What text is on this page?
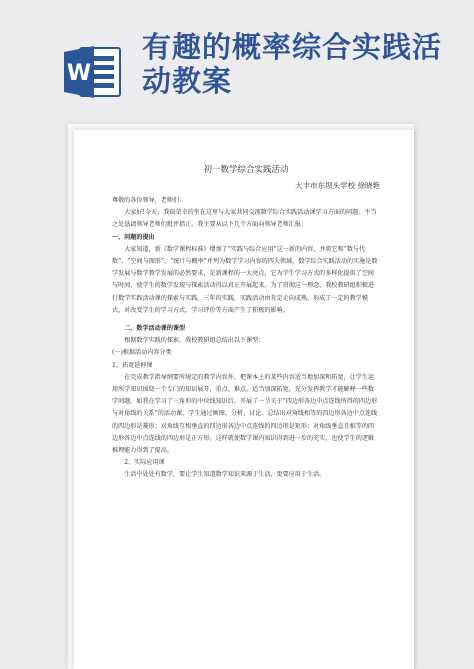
W
有趣的概率综合实践活动教案
初一数学综合实践活动
大丰市东坝头学校 徐晓艳

尊敬的各位领导，老师们：

大家好!今天，我很荣幸的坐在这里与大家共同交流数学综合实践活动课学习方面的问题。不当之处恳请领导老师们批评指正。我主要从以下几个方面向领导老师汇报：

一、问题的提出

大家知道，新《数学课程标准》增加了“实践与综合应用”这一新的内容，并将它和“数与代数”、“空间与图形”、“统计与概率”并列为数学学习内容的四大领域。数学综合实践活动的实施是数学发展与数学教学发展的必然要求，是新课程的一大亮点，它为学生学习方式的多样化提供了空间与时间，使学生的数学发现与探索活动得以真正开展起来。为了贯彻这一理念，我校教研组积极进行数学实践活动课的探索与实践。三年的实践，实践活动由肯定走向成熟，形成了一定的教学模式，对改变学生的学习方式、学习评价等方面产生了积极的影响。

二、数学活动课的课型

根据数学实践的探索，我校教研组总结出以下课型：

(一)根据活动内容分类

1、拓宽延伸课

在完成教学指导纲要所规定的教学内容外，把课本上的某些内容适当地加深和拓宽，让学生运用所学知识围绕一个专门的知识展开，重点、难点，适当加深拓宽，充分发挥教学才能解释一些数学问题。如我在学习了三角形的中位线知识后，开展了一节关于“四边形各边中点连线所得的四边形与对角线的关系”的活动课，学生通过画图、分析、讨论、总结出对角线相等的四边形各边中点连线的四边形是菱形；对角线互相垂直的四边形各边中点连线的四边形是矩形；对角线垂直且相等的四边形各边中点连线的四边形是正方形。这样就使数学课内知识得到进一步的充实，也使学生的逻辑推理能力得到了提高。

2、实际应用课

生活中处处有数学，要让学生知道数学知识来源于生活，更要应用于生活。
